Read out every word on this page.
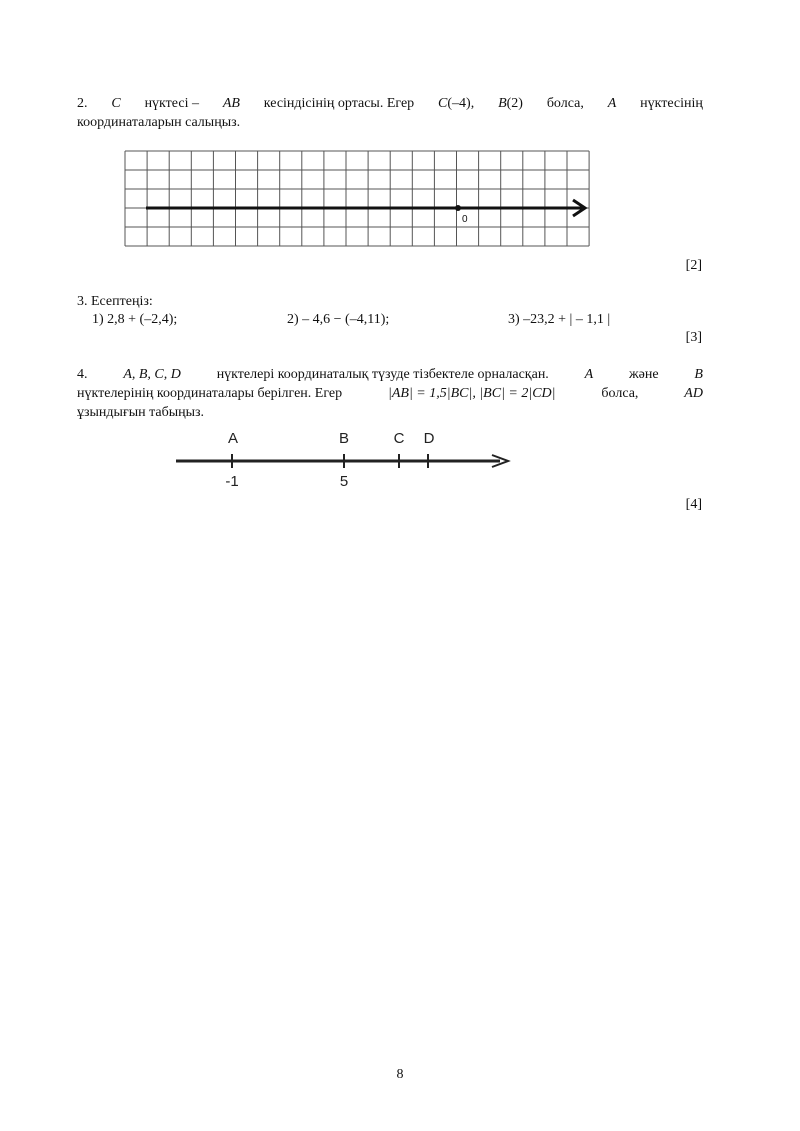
2. C нүктесі – AB кесіндісінің ортасы. Егер C(–4), B(2) болса, A нүктесінің
координаталарын салыңыз.
0
[2]
3. Есептеңіз:
1) 2,8 + (–2,4);	2) – 4,6 − (–4,11);	3) –23,2 + | – 1,1 |
[3]
4.	A, B, C, D	нүктелері координаталық түзуде тізбектеле орналасқан.	A	және	B
нүктелерінің координаталары берілген. Егер	|AB| = 1,5|BC|, |BC| = 2|CD|	болса,	AD
ұзындығын табыңыз.
A	B	C D
-1	5
[4]
8
